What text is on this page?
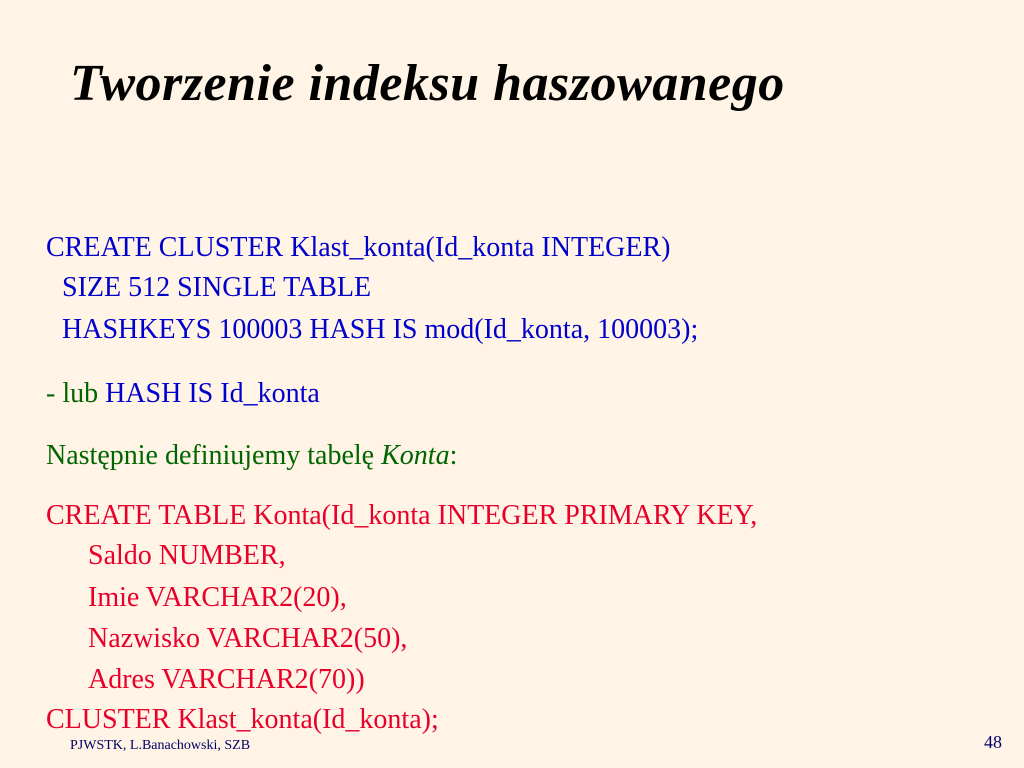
Tworzenie indeksu haszowanego
CREATE CLUSTER Klast_konta(Id_konta INTEGER)
SIZE 512 SINGLE TABLE
HASHKEYS 100003 HASH IS mod(Id_konta, 100003);
- lub HASH IS Id_konta
Następnie definiujemy tabelę Konta:
CREATE TABLE Konta(Id_konta INTEGER PRIMARY KEY,
Saldo NUMBER,
Imie VARCHAR2(20),
Nazwisko VARCHAR2(50),
Adres VARCHAR2(70))
CLUSTER Klast_konta(Id_konta);
PJWSTK, L.Banachowski, SZB	48
